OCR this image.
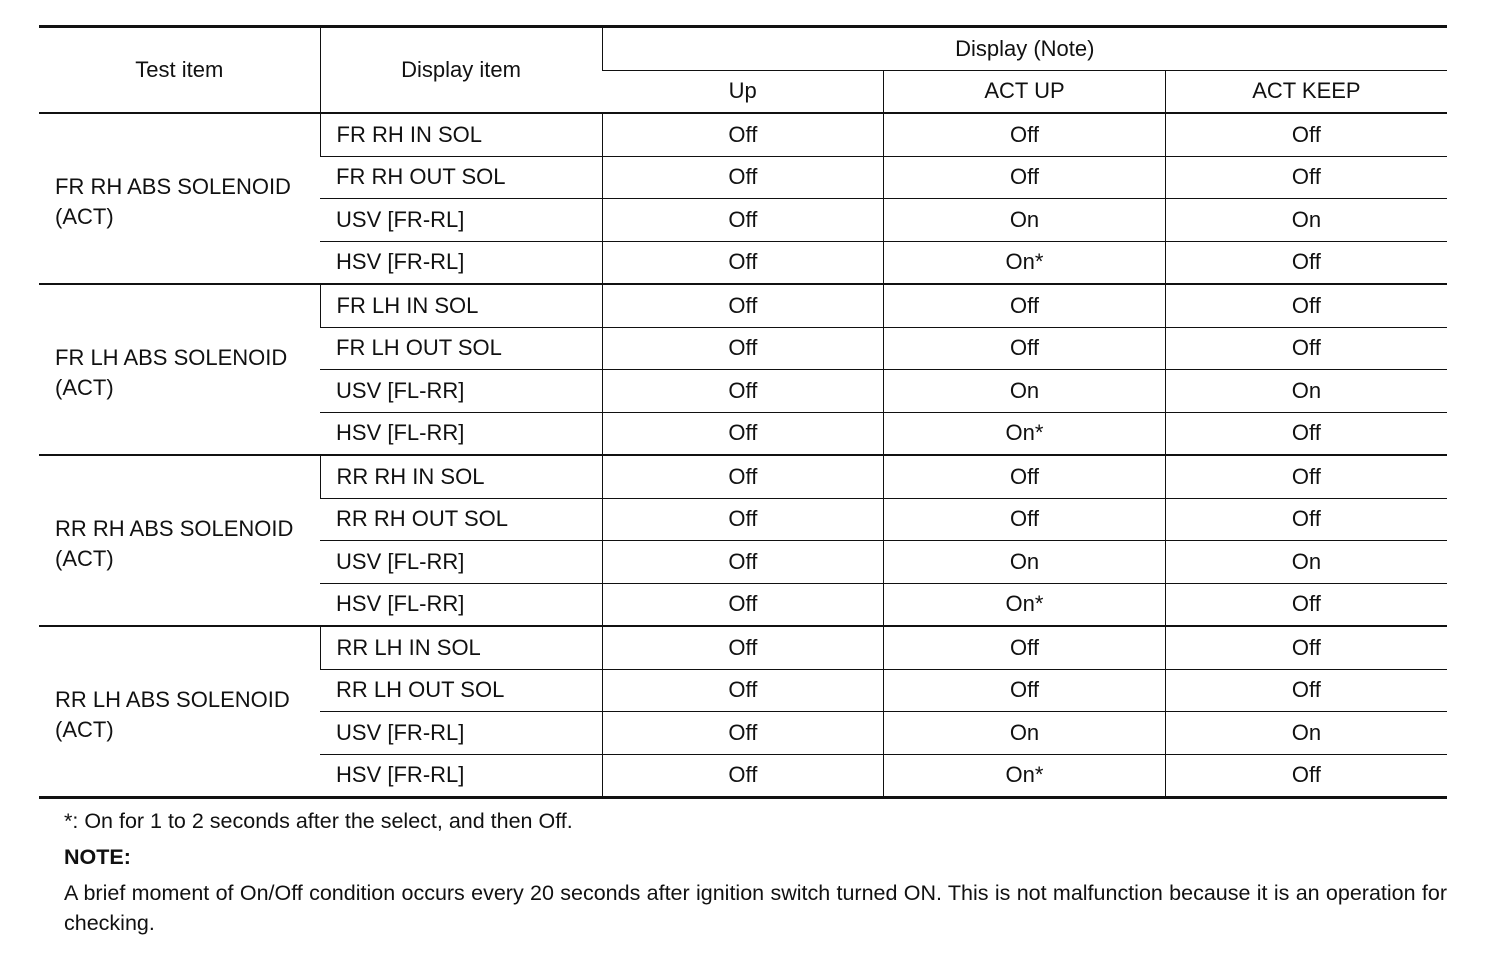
Test item	Display item	Display (Note)		
		Up	ACT UP	ACT KEEP
FR RH ABS SOLENOID (ACT)	FR RH IN SOL	Off	Off	Off
	FR RH OUT SOL	Off	Off	Off
	USV [FR-RL]	Off	On	On
	HSV [FR-RL]	Off	On*	Off
FR LH ABS SOLENOID (ACT)	FR LH IN SOL	Off	Off	Off
	FR LH OUT SOL	Off	Off	Off
	USV [FL-RR]	Off	On	On
	HSV [FL-RR]	Off	On*	Off
RR RH ABS SOLENOID (ACT)	RR RH IN SOL	Off	Off	Off
	RR RH OUT SOL	Off	Off	Off
	USV [FL-RR]	Off	On	On
	HSV [FL-RR]	Off	On*	Off
RR LH ABS SOLENOID (ACT)	RR LH IN SOL	Off	Off	Off
	RR LH OUT SOL	Off	Off	Off
	USV [FR-RL]	Off	On	On
	HSV [FR-RL]	Off	On*	Off

*: On for 1 to 2 seconds after the select, and then Off.

NOTE:

A brief moment of On/Off condition occurs every 20 seconds after ignition switch turned ON. This is not malfunction because it is an operation for checking.
